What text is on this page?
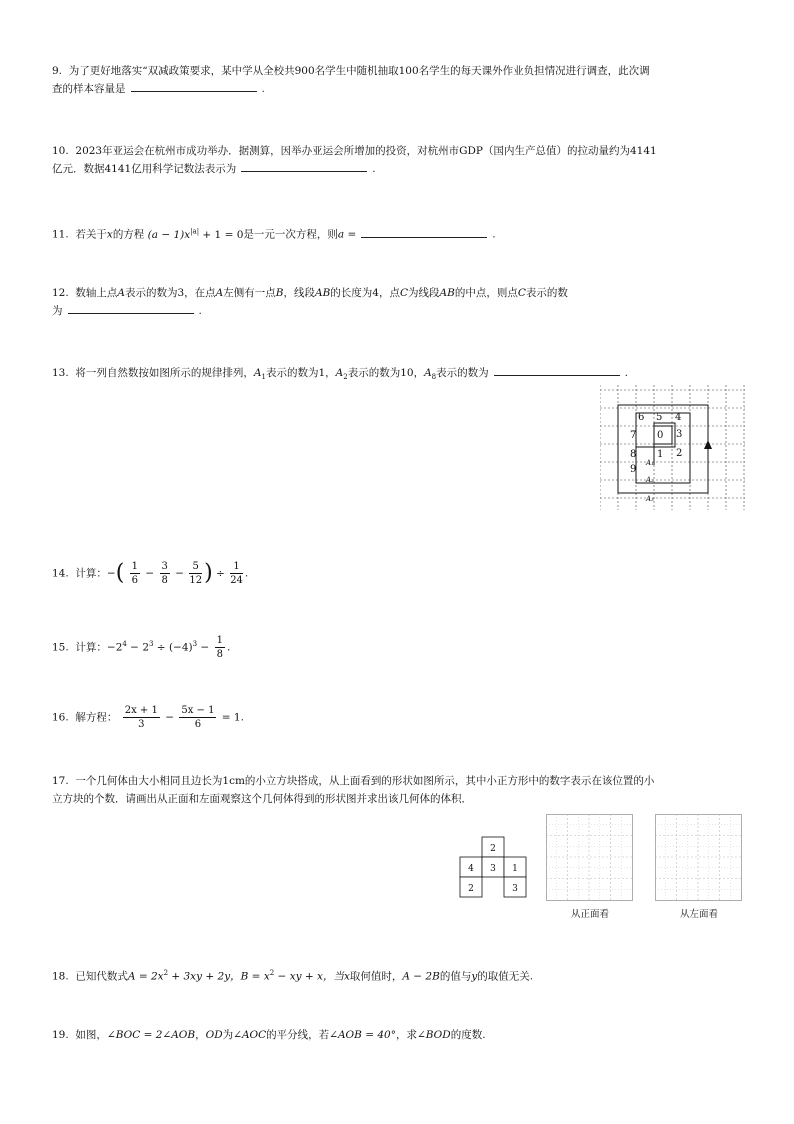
9. 为了更好地落实“双减政策要求，某中学从全校共900名学生中随机抽取100名学生的每天课外作业负担情况进行调查，此次调
查的样本容量是	.
10. 2023年亚运会在杭州市成功举办．据测算，因举办亚运会所增加的投资，对杭州市GDP（国内生产总值）的拉动量约为4141
亿元．数据4141亿用科学记数法表示为	.
11. 若关于x的方程 $(a - 1)x^{|a|} + 1 = 0$是一元一次方程，则a =	.
12. 数轴上点A表示的数为3，在点A左侧有一点B，线段AB的长度为4，点C为线段AB的中点，则点C表示的数
为	.
13. 将一列自然数按如图所示的规律排列，$A_1$表示的数为1，$A_2$表示的数为10，$A_8$表示的数为	.
6 5 4
7 0 3
8 1 2
9
A₁
A₂
A₃
14. 计算：−( $\frac{1}{6} - \frac{3}{8} - \frac{5}{12}$ ) ÷ $\frac{1}{24}$ .
15. 计算：$-2^4 - 2^3 \div (-4)^3 - \frac{1}{8}$ .
16. 解方程： $\frac{2x + 1}{3} - \frac{5x - 1}{6} = 1$.
17. 一个几何体由大小相同且边长为1cm的小立方块搭成，从上面看到的形状如图所示，其中小正方形中的数字表示在该位置的小
立方块的个数．请画出从正面和左面观察这个几何体得到的形状图并求出该几何体的体积．
2
4 3 1
2	3
从正面看	从左面看
18. 已知代数式$A = 2x^2 + 3xy + 2y$，$B = x^2$ − xy + x，当x取何值时，A − 2B的值与y的取值无关.
19. 如图，∠BOC = 2∠AOB，OD为∠AOC的平分线，若∠AOB = 40°，求∠BOD的度数.
